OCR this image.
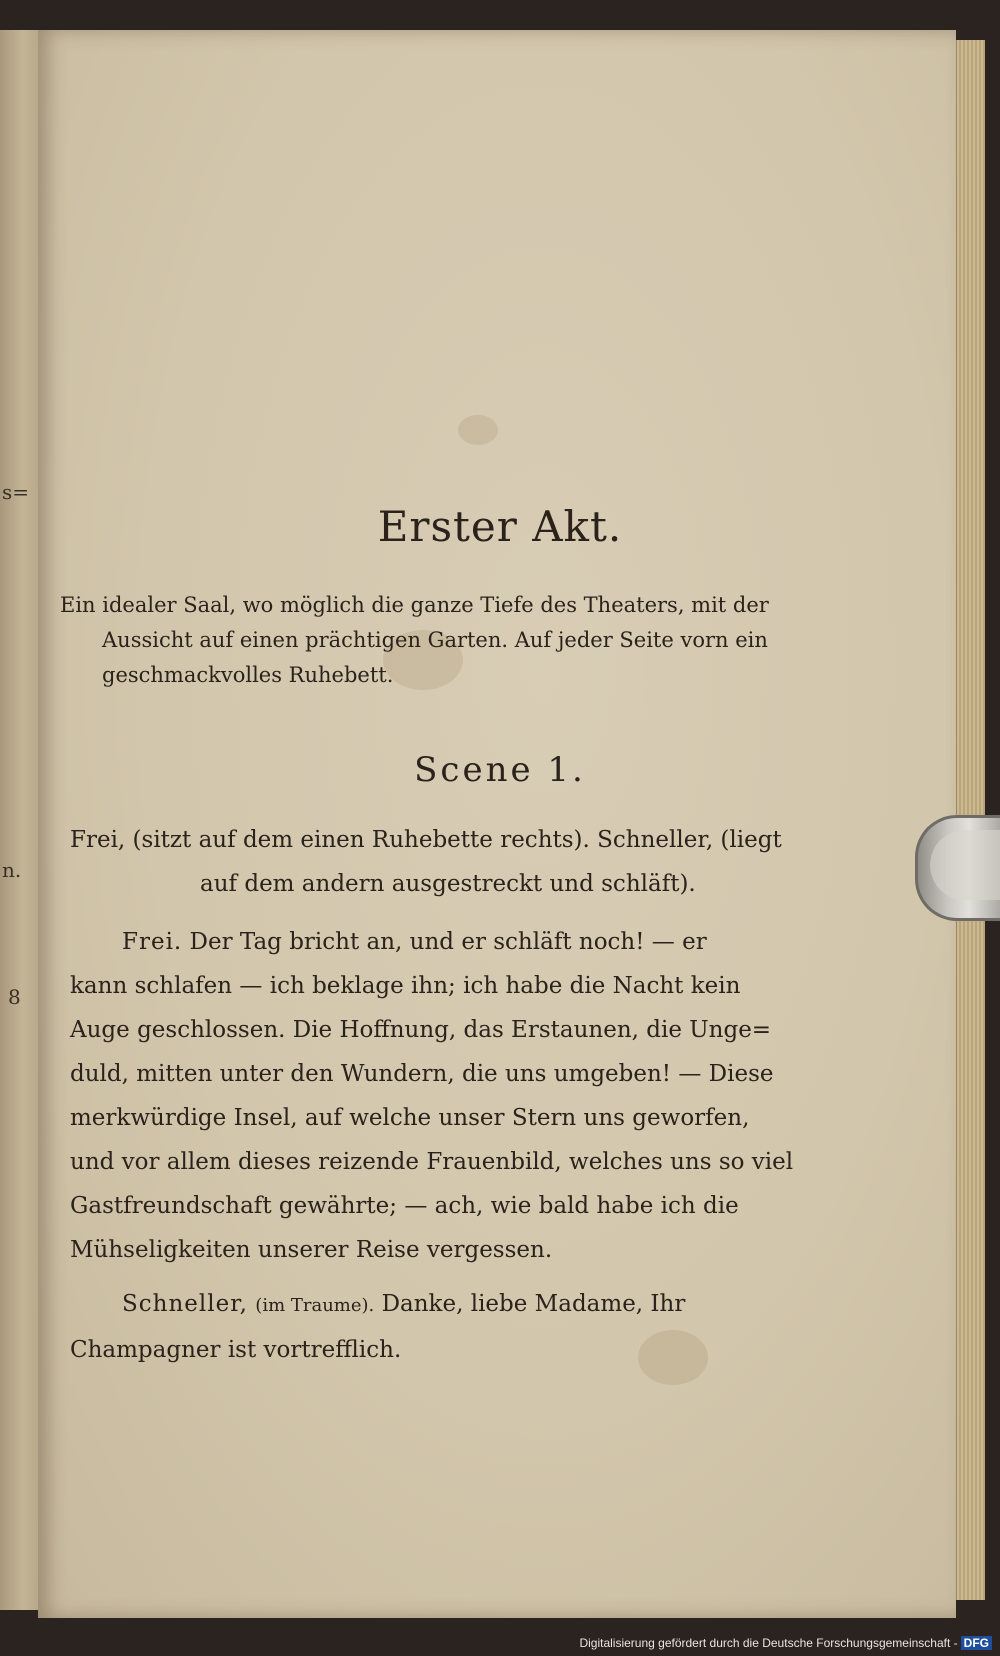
s=
n.
8
Erster Akt.
Ein idealer Saal, wo möglich die ganze Tiefe des Theaters, mit der
Aussicht auf einen prächtigen Garten. Auf jeder Seite vorn ein
geschmackvolles Ruhebett.
Scene 1.
Frei, (sitzt auf dem einen Ruhebette rechts). Schneller, (liegt
auf dem andern ausgestreckt und schläft).
Frei. Der Tag bricht an, und er schläft noch! — er
kann schlafen — ich beklage ihn; ich habe die Nacht kein
Auge geschlossen. Die Hoffnung, das Erstaunen, die Unge=
duld, mitten unter den Wundern, die uns umgeben! — Diese
merkwürdige Insel, auf welche unser Stern uns geworfen,
und vor allem dieses reizende Frauenbild, welches uns so viel
Gastfreundschaft gewährte; — ach, wie bald habe ich die
Mühseligkeiten unserer Reise vergessen.
Schneller, (im Traume). Danke, liebe Madame, Ihr
Champagner ist vortrefflich.
Digitalisierung gefördert durch die Deutsche Forschungsgemeinschaft - DFG
